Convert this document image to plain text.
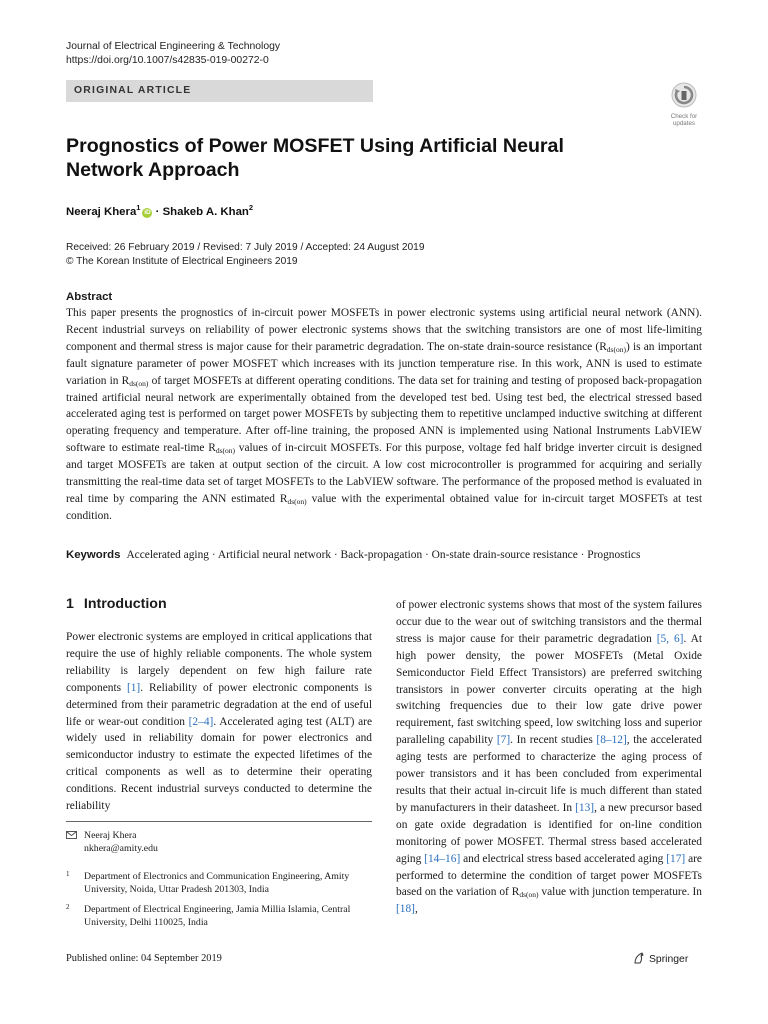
Journal of Electrical Engineering & Technology
https://doi.org/10.1007/s42835-019-00272-0
ORIGINAL ARTICLE
Check for
updates
Prognostics of Power MOSFET Using Artificial Neural Network Approach
Neeraj Khera$^1$iD · Shakeb A. Khan$^2$
Received: 26 February 2019 / Revised: 7 July 2019 / Accepted: 24 August 2019
© The Korean Institute of Electrical Engineers 2019
Abstract
This paper presents the prognostics of in-circuit power MOSFETs in power electronic systems using artificial neural network (ANN). Recent industrial surveys on reliability of power electronic systems shows that the switching transistors are one of most life-limiting component and thermal stress is major cause for their parametric degradation. The on-state drain-source resistance $(R_{ds(on)})$ is an important fault signature parameter of power MOSFET which increases with its junction temperature rise. In this work, ANN is used to estimate variation in $R_{ds(on)}$ of target MOSFETs at different operating conditions. The data set for training and testing of proposed back-propagation trained artificial neural network are experimentally obtained from the developed test bed. Using test bed, the electrical stressed based accelerated aging test is performed on target power MOSFETs by subjecting them to repetitive unclamped inductive switching at different operating frequency and temperature. After off-line training, the proposed ANN is implemented using National Instruments LabVIEW software to estimate real-time $R_{ds(on)}$ values of in-circuit MOSFETs. For this purpose, voltage fed half bridge inverter circuit is designed and target MOSFETs are taken at output section of the circuit. A low cost microcontroller is programmed for acquiring and serially transmitting the real-time data set of target MOSFETs to the LabVIEW software. The performance of the proposed method is evaluated in real time by comparing the ANN estimated $R_{ds(on)}$ value with the experimental obtained value for in-circuit target MOSFETs at test condition.
Keywords Accelerated aging · Artificial neural network · Back-propagation · On-state drain-source resistance · Prognostics
1 Introduction
Power electronic systems are employed in critical applications that require the use of highly reliable components. The whole system reliability is largely dependent on few high failure rate components [1]. Reliability of power electronic components is determined from their parametric degradation at the end of useful life or wear-out condition [2–4]. Accelerated aging test (ALT) are widely used in reliability domain for power electronics and semiconductor industry to estimate the expected lifetimes of the critical components as well as to determine their operating conditions. Recent industrial surveys conducted to determine the reliability
of power electronic systems shows that most of the system failures occur due to the wear out of switching transistors and the thermal stress is major cause for their parametric degradation [5, 6]. At high power density, the power MOSFETs (Metal Oxide Semiconductor Field Effect Transistors) are preferred switching transistors in power converter circuits operating at the high switching frequencies due to their low gate drive power requirement, fast switching speed, low switching loss and superior paralleling capability [7]. In recent studies [8–12], the accelerated aging tests are performed to characterize the aging process of power transistors and it has been concluded from experimental results that their actual in-circuit life is much different than stated by manufacturers in their datasheet. In [13], a new precursor based on gate oxide degradation is identified for on-line condition monitoring of power MOSFET. Thermal stress based accelerated aging [14–16] and electrical stress based accelerated aging [17] are performed to determine the condition of target power MOSFETs based on the variation of $R_{ds(on)}$ value with junction temperature. In [18],
Neeraj Khera
nkhera@amity.edu
1 Department of Electronics and Communication Engineering, Amity University, Noida, Uttar Pradesh 201303, India
2 Department of Electrical Engineering, Jamia Millia Islamia, Central University, Delhi 110025, India
Published online: 04 September 2019	Springer
